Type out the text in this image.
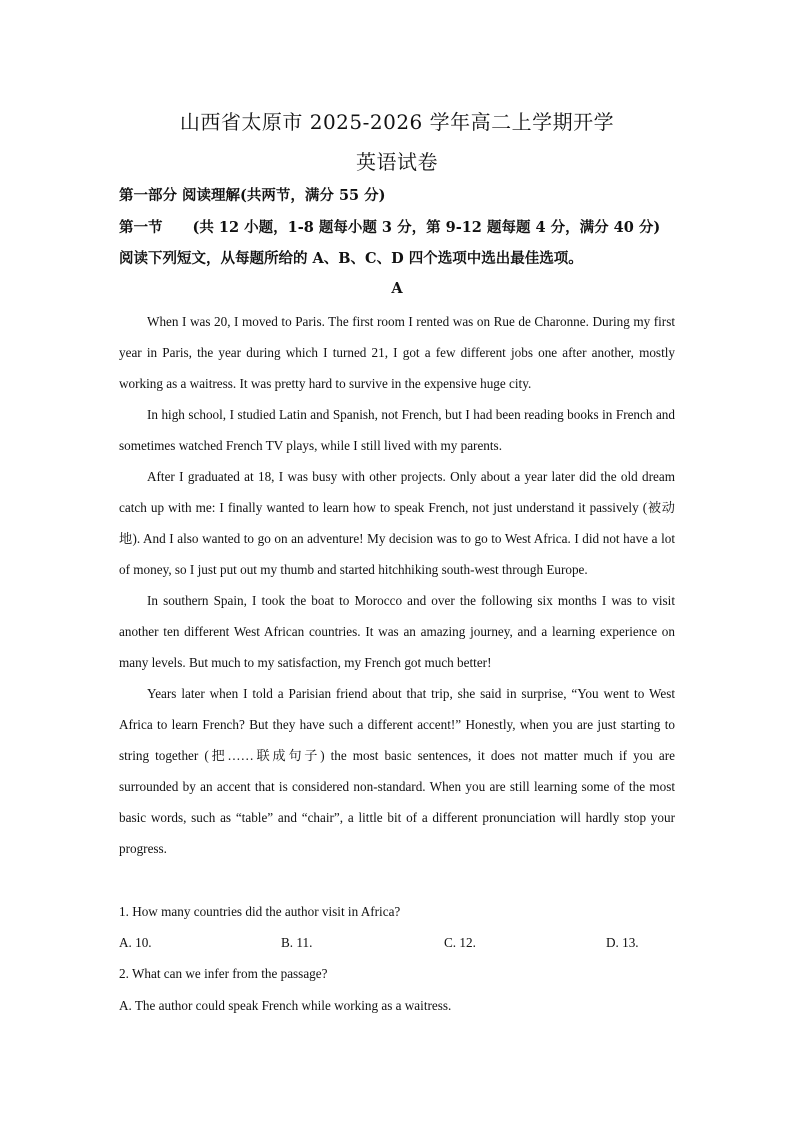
山西省太原市 2025-2026 学年高二上学期开学
英语试卷
第一部分 阅读理解(共两节，满分 55 分)
第一节 (共 12 小题，1-8 题每小题 3 分，第 9-12 题每题 4 分，满分 40 分)
阅读下列短文，从每题所给的 A、B、C、D 四个选项中选出最佳选项。
A

When I was 20, I moved to Paris. The first room I rented was on Rue de Charonne. During my first year in Paris, the year during which I turned 21, I got a few different jobs one after another, mostly working as a waitress. It was pretty hard to survive in the expensive huge city.

In high school, I studied Latin and Spanish, not French, but I had been reading books in French and sometimes watched French TV plays, while I still lived with my parents.

After I graduated at 18, I was busy with other projects. Only about a year later did the old dream catch up with me: I finally wanted to learn how to speak French, not just understand it passively (被动地). And I also wanted to go on an adventure! My decision was to go to West Africa. I did not have a lot of money, so I just put out my thumb and started hitchhiking south-west through Europe.

In southern Spain, I took the boat to Morocco and over the following six months I was to visit another ten different West African countries. It was an amazing journey, and a learning experience on many levels. But much to my satisfaction, my French got much better!

Years later when I told a Parisian friend about that trip, she said in surprise, “You went to West Africa to learn French? But they have such a different accent!” Honestly, when you are just starting to string together (把……联成句子) the most basic sentences, it does not matter much if you are surrounded by an accent that is considered non-standard. When you are still learning some of the most basic words, such as “table” and “chair”, a little bit of a different pronunciation will hardly stop your progress.

1. How many countries did the author visit in Africa?
A. 10.	B. 11.	C. 12.	D. 13.
2. What can we infer from the passage?
A. The author could speak French while working as a waitress.
